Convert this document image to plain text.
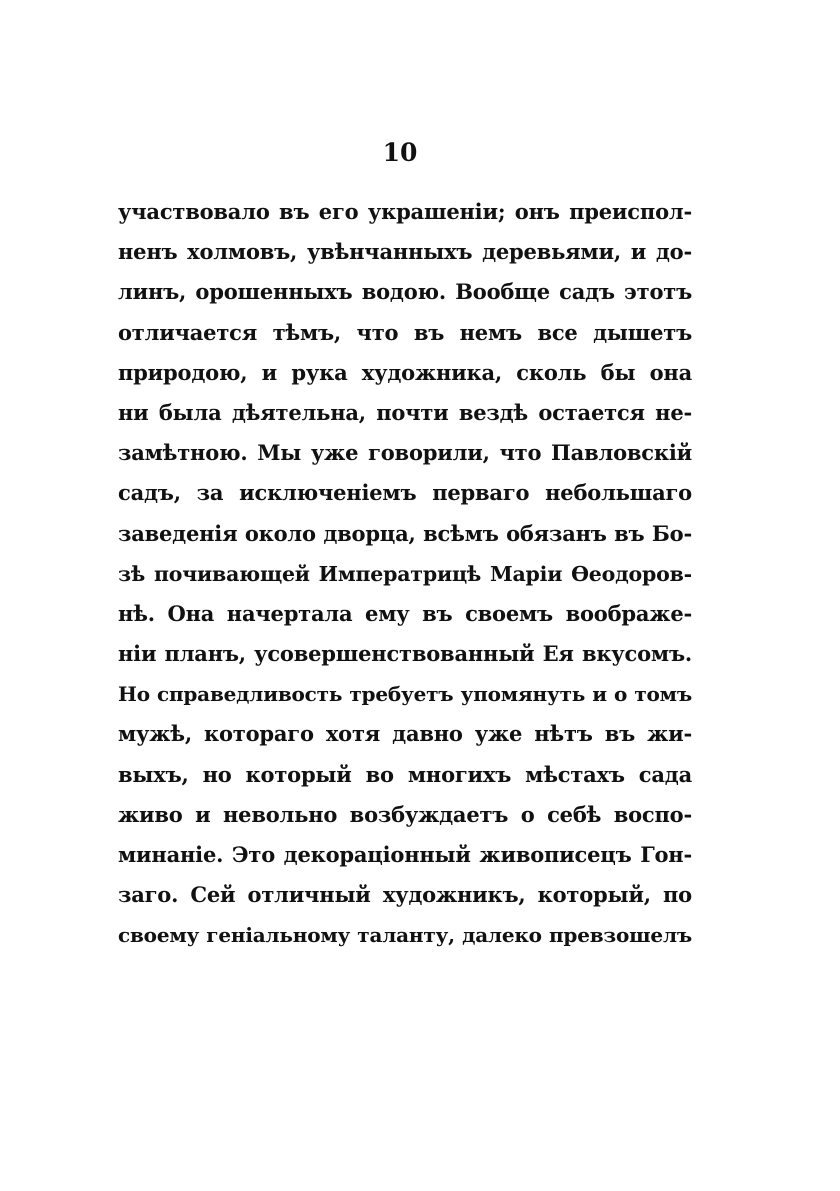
10
участвовало въ его украшеніи; онъ преиспол-
ненъ холмовъ, увѣнчанныхъ деревьями, и до-
линъ, орошенныхъ водою. Вообще садъ этотъ
отличается тѣмъ, что въ немъ все дышетъ
природою, и рука художника, сколь бы она
ни была дѣятельна, почти вездѣ остается не-
замѣтною. Мы уже говорили, что Павловскій
садъ, за исключеніемъ перваго небольшаго
заведенія около дворца, всѣмъ обязанъ въ Бо-
зѣ почивающей Императрицѣ Маріи Ѳеодоров-
нѣ. Она начертала ему въ своемъ воображе-
ніи планъ, усовершенствованный Ея вкусомъ.
Но справедливость требуетъ упомянуть и о томъ
мужѣ, котораго хотя давно уже нѣтъ въ жи-
выхъ, но который во многихъ мѣстахъ сада
живо и невольно возбуждаетъ о себѣ воспо-
минаніе. Это декораціонный живописецъ Гон-
заго. Сей отличный художникъ, который, по
своему геніальному таланту, далеко превзошелъ
